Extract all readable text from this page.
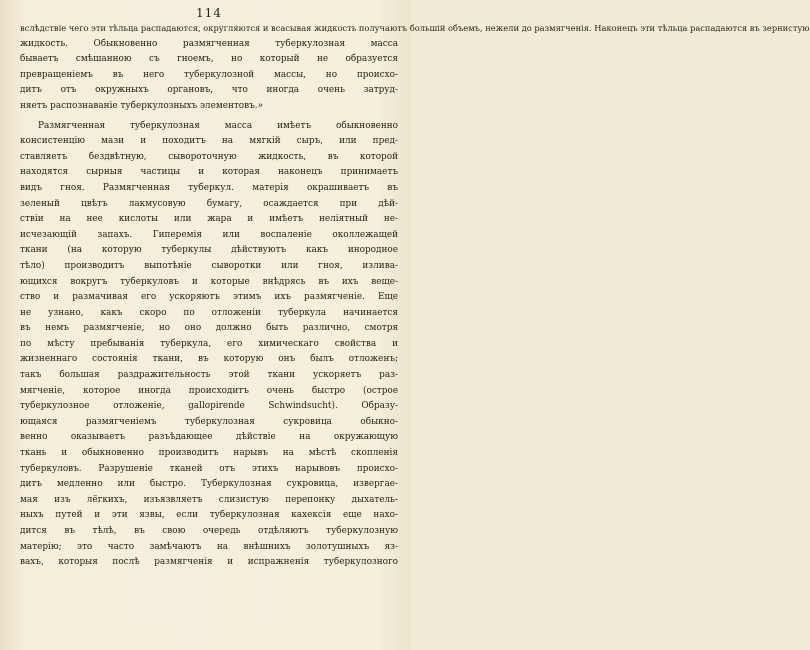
114
вслѣдствіе чего эти тѣльца распадаются, округляются и всасывая жидкость получаютъ большій объемъ, нежели до размягченія. Наконецъ эти тѣльца распадаются въ зернистую
жидкость. Обыкновенно размягченная туберкулозная масса
бываетъ смѣшанною съ гноемъ, но который не образуется
превращеніемъ въ него туберкулозной массы, но происхо-
дитъ отъ окружныхъ органовъ, что иногда очень затруд-
няетъ распознаваніе туберкулозныхъ элементовъ.»
Размягченная туберкулозная масса имѣетъ обыкновенно
консистенцію мази и походитъ на мягкій сыръ, или пред-
ставляетъ бездвѣтную, сывороточную жидкость, въ которой
находятся сырныя частицы и которая наконецъ принимаетъ
видъ гноя. Размягченная туберкул. матерія окрашиваетъ въ
зеленый цвѣтъ лакмусовую бумагу, осаждается при дѣй-
ствіи на нее кислоты или жара и имѣетъ неліятный не-
исчезающій запахъ. Гиперемія или воспаленіе околлежащей
ткани (на которую туберкулы дѣйствуютъ какъ инородное
тѣло) производитъ выпотѣніе сыворотки или гноя, излива-
ющихся вокругъ туберкуловъ и которые внѣдрясь въ ихъ веще-
ство и размачивая его ускоряютъ этимъ ихъ размягченіе. Еще
не узнано, какъ скоро по отложеніи туберкула начинается
въ немъ размягченіе, но оно должно быть различно, смотря
по мѣсту пребыванія туберкула, его химическаго свойства и
жизненнаго состоянія ткани, въ которую онъ былъ отложенъ;
такъ большая раздражительность этой ткани ускоряетъ раз-
мягченіе, которое иногда происходитъ очень быстро (острое
туберкулозное отложеніе, gallopirende Schwindsucht). Образу-
ющаяся размягченіемъ туберкулозная сукровица обыкно-
венно оказываетъ разъѣдающее дѣйствіе на окружающую
ткань и обыкновенно производитъ нарывъ на мѣстѣ скопленія
туберкуловъ. Разрушеніе тканей отъ этихъ нарывовъ происхо-
дитъ медленно или быстро. Туберкулозная сукровица, извергае-
мая изъ лёгкихъ, изъязвляетъ слизистую перепонку дыхатель-
ныхъ путей и эти язвы, если туберкулозная кахексія еще нахо-
дится въ тѣлѣ, въ свою очередь отдѣляютъ туберкулозную
матерію; это часто замѣчаютъ на внѣшнихъ золотушныхъ яз-
вахъ, которыя послѣ размягченія и испражненія туберкулозного
